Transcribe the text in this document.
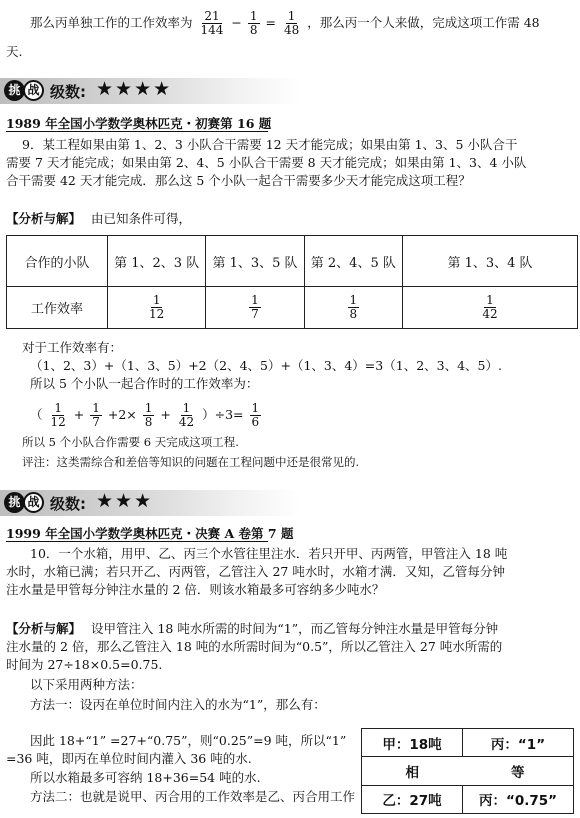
那么丙单独工作的工作效率为 $\frac{21}{144} - \frac{1}{8} = \frac{1}{48}$ ，那么丙一个人来做，完成这项工作需 48
天.
挑 战 级数: ★★★★
1989 年全国小学数学奥林匹克・初赛第 16 题
9．某工程如果由第 1、2、3 小队合干需要 12 天才能完成；如果由第 1、3、5 小队合干
需要 7 天才能完成；如果由第 2、4、5 小队合干需要 8 天才能完成；如果由第 1、3、4 小队
合干需要 42 天才能完成．那么这 5 个小队一起合干需要多少天才能完成这项工程？
【分析与解】 由已知条件可得，
合作的小队	第 1、2、3 队	第 1、3、5 队	第 2、4、5 队	第 1、3、4 队
工作效率	$\frac{1}{12}$	$\frac{1}{7}$	$\frac{1}{8}$	$\frac{1}{42}$
对于工作效率有：
（1、2、3）+（1、3、5）+2（2、4、5）+（1、3、4）=3（1、2、3、4、5）.
所以 5 个小队一起合作时的工作效率为：
（ $\frac{1}{12} + \frac{1}{7} +2\times \frac{1}{8} + \frac{1}{42} )\div 3= \frac{1}{6}$
所以 5 个小队合作需要 6 天完成这项工程.
评注：这类需综合和差倍等知识的问题在工程问题中还是很常见的.
挑 战 级数: ★★★
1999 年全国小学数学奥林匹克・决赛 A 卷第 7 题
10．一个水箱，用甲、乙、丙三个水管往里注水．若只开甲、丙两管，甲管注入 18 吨
水时，水箱已满；若只开乙、丙两管，乙管注入 27 吨水时，水箱才满．又知，乙管每分钟
注水量是甲管每分钟注水量的 2 倍．则该水箱最多可容纳多少吨水？
【分析与解】 设甲管注入 18 吨水所需的时间为“1”，而乙管每分钟注水量是甲管每分钟
注水量的 2 倍，那么乙管注入 18 吨的水所需时间为“0.5”，所以乙管注入 27 吨水所需的
时间为 27÷18×0.5=0.75.
以下采用两种方法：
方法一：设丙在单位时间内注入的水为“1”，那么有：
因此 18+“1” =27+“0.75”，则“0.25”=9 吨，所以“1”
=36 吨，即丙在单位时间内灌入 36 吨的水.
所以水箱最多可容纳 18+36=54 吨的水.
方法二：也就是说甲、丙合用的工作效率是乙、丙合用工作
甲：18吨	丙：“1”
相	等
乙：27吨	丙：“0.75”
